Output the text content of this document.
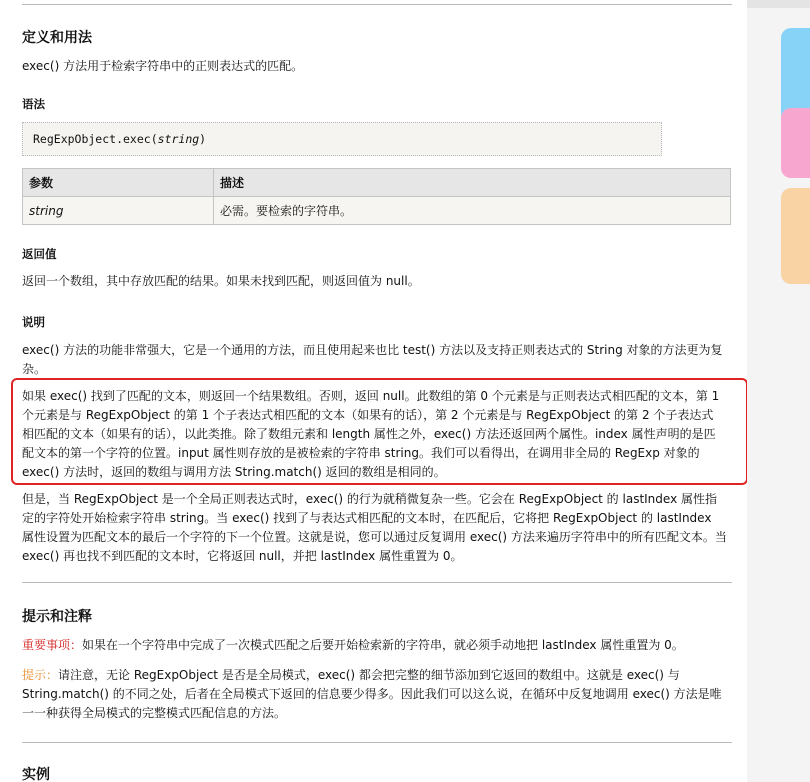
定义和用法
exec() 方法用于检索字符串中的正则表达式的匹配。
语法
RegExpObject.exec(string)
参数	描述
string	必需。要检索的字符串。
返回值
返回一个数组，其中存放匹配的结果。如果未找到匹配，则返回值为 null。
说明
exec() 方法的功能非常强大，它是一个通用的方法，而且使用起来也比 test() 方法以及支持正则表达式的 String 对象的方法更为复
杂。
如果 exec() 找到了匹配的文本，则返回一个结果数组。否则，返回 null。此数组的第 0 个元素是与正则表达式相匹配的文本，第 1
个元素是与 RegExpObject 的第 1 个子表达式相匹配的文本（如果有的话），第 2 个元素是与 RegExpObject 的第 2 个子表达式
相匹配的文本（如果有的话），以此类推。除了数组元素和 length 属性之外，exec() 方法还返回两个属性。index 属性声明的是匹
配文本的第一个字符的位置。input 属性则存放的是被检索的字符串 string。我们可以看得出，在调用非全局的 RegExp 对象的
exec() 方法时，返回的数组与调用方法 String.match() 返回的数组是相同的。
但是，当 RegExpObject 是一个全局正则表达式时，exec() 的行为就稍微复杂一些。它会在 RegExpObject 的 lastIndex 属性指
定的字符处开始检索字符串 string。当 exec() 找到了与表达式相匹配的文本时，在匹配后，它将把 RegExpObject 的 lastIndex
属性设置为匹配文本的最后一个字符的下一个位置。这就是说，您可以通过反复调用 exec() 方法来遍历字符串中的所有匹配文本。当
exec() 再也找不到匹配的文本时，它将返回 null，并把 lastIndex 属性重置为 0。
提示和注释
重要事项：如果在一个字符串中完成了一次模式匹配之后要开始检索新的字符串，就必须手动地把 lastIndex 属性重置为 0。
提示：请注意，无论 RegExpObject 是否是全局模式，exec() 都会把完整的细节添加到它返回的数组中。这就是 exec() 与
String.match() 的不同之处，后者在全局模式下返回的信息要少得多。因此我们可以这么说，在循环中反复地调用 exec() 方法是唯
一一种获得全局模式的完整模式匹配信息的方法。
实例
